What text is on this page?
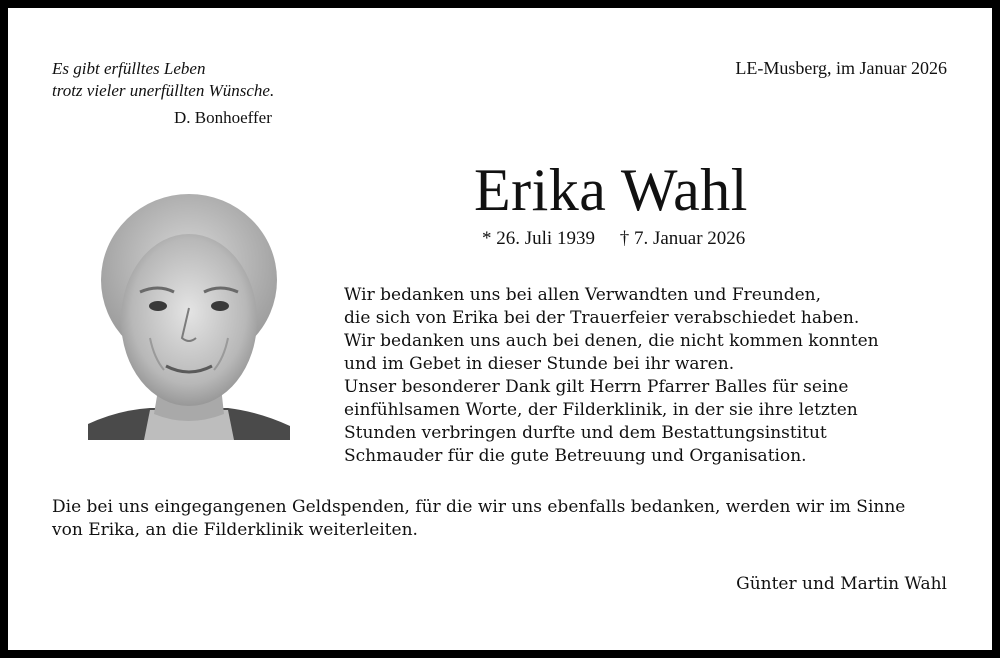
Es gibt erfülltes Leben
trotz vieler unerfüllten Wünsche.
D. Bonhoeffer
LE-Musberg, im Januar 2026
Erika Wahl
* 26. Juli 1939 † 7. Januar 2026
Wir bedanken uns bei allen Verwandten und Freunden,
die sich von Erika bei der Trauerfeier verabschiedet haben.
Wir bedanken uns auch bei denen, die nicht kommen konnten
und im Gebet in dieser Stunde bei ihr waren.
Unser besonderer Dank gilt Herrn Pfarrer Balles für seine
einfühlsamen Worte, der Filderklinik, in der sie ihre letzten
Stunden verbringen durfte und dem Bestattungsinstitut
Schmauder für die gute Betreuung und Organisation.
Die bei uns eingegangenen Geldspenden, für die wir uns ebenfalls bedanken, werden wir im Sinne
von Erika, an die Filderklinik weiterleiten.
Günter und Martin Wahl
